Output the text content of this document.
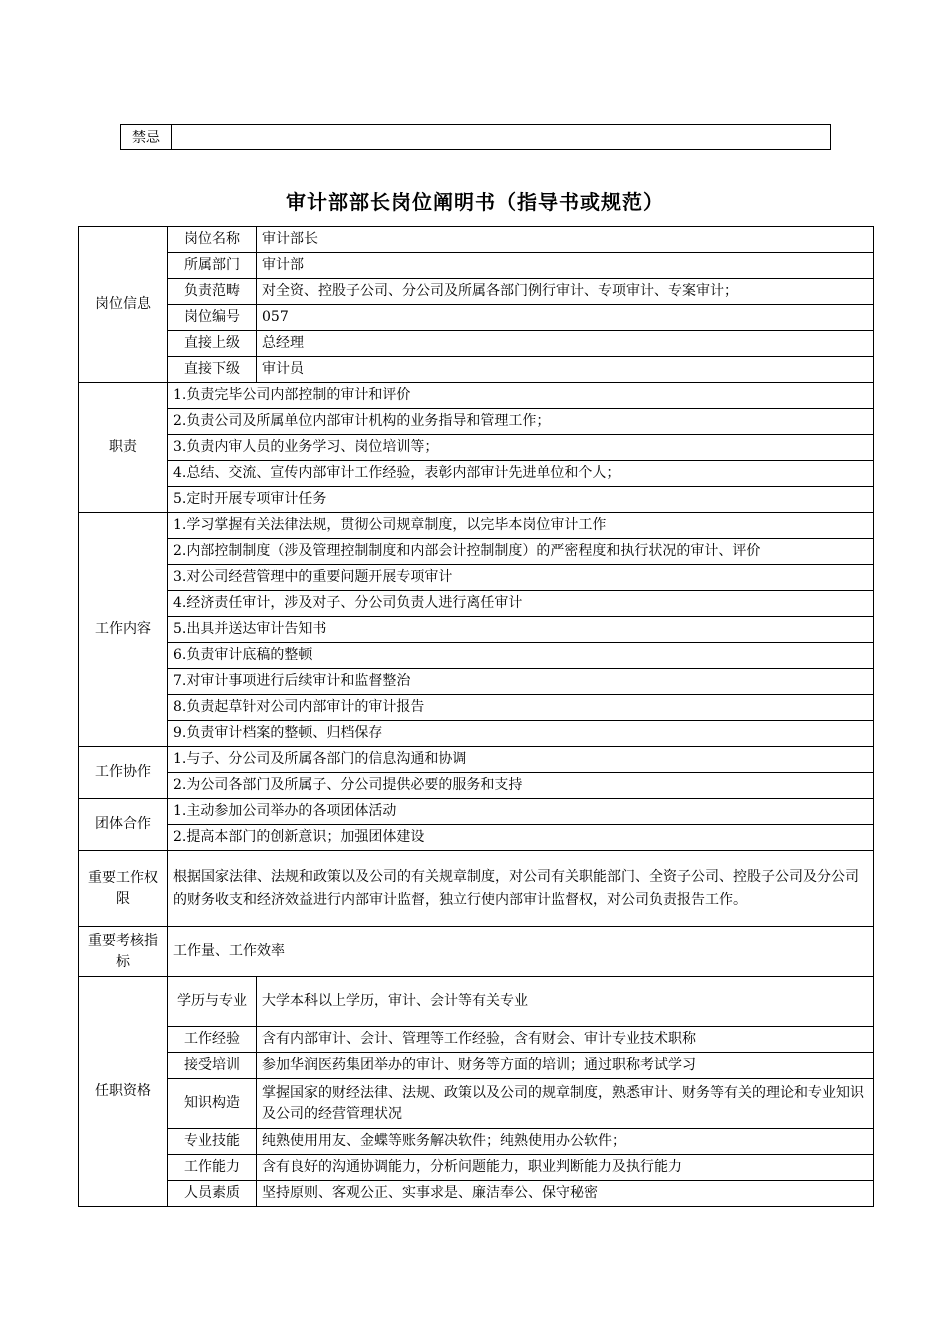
禁忌	
审计部部长岗位阐明书（指导书或规范）
岗位信息	岗位名称	审计部长
	所属部门	审计部
	负责范畴	对全资、控股子公司、分公司及所属各部门例行审计、专项审计、专案审计；
	岗位编号	057
	直接上级	总经理
	直接下级	审计员
职责	1.负责完毕公司内部控制的审计和评价	
	2.负责公司及所属单位内部审计机构的业务指导和管理工作；	
	3.负责内审人员的业务学习、岗位培训等；	
	4.总结、交流、宣传内部审计工作经验，表彰内部审计先进单位和个人；	
	5.定时开展专项审计任务	
工作内容	1.学习掌握有关法律法规，贯彻公司规章制度，以完毕本岗位审计工作	
	2.内部控制制度（涉及管理控制制度和内部会计控制制度）的严密程度和执行状况的审计、评价	
	3.对公司经营管理中的重要问题开展专项审计	
	4.经济责任审计，涉及对子、分公司负责人进行离任审计	
	5.出具并送达审计告知书	
	6.负责审计底稿的整顿	
	7.对审计事项进行后续审计和监督整治	
	8.负责起草针对公司内部审计的审计报告	
	9.负责审计档案的整顿、归档保存	
工作协作	1.与子、分公司及所属各部门的信息沟通和协调	
	2.为公司各部门及所属子、分公司提供必要的服务和支持	
团体合作	1.主动参加公司举办的各项团体活动	
	2.提高本部门的创新意识；加强团体建设	
重要工作权限	根据国家法律、法规和政策以及公司的有关规章制度，对公司有关职能部门、全资子公司、控股子公司及分公司的财务收支和经济效益进行内部审计监督，独立行使内部审计监督权，对公司负责报告工作。	
重要考核指标	工作量、工作效率	
任职资格	学历与专业	大学本科以上学历，审计、会计等有关专业
	工作经验	含有内部审计、会计、管理等工作经验，含有财会、审计专业技术职称
	接受培训	参加华润医药集团举办的审计、财务等方面的培训；通过职称考试学习
	知识构造	掌握国家的财经法律、法规、政策以及公司的规章制度，熟悉审计、财务等有关的理论和专业知识及公司的经营管理状况
	专业技能	纯熟使用用友、金蝶等账务解决软件；纯熟使用办公软件；
	工作能力	含有良好的沟通协调能力，分析问题能力，职业判断能力及执行能力
	人员素质	坚持原则、客观公正、实事求是、廉洁奉公、保守秘密
